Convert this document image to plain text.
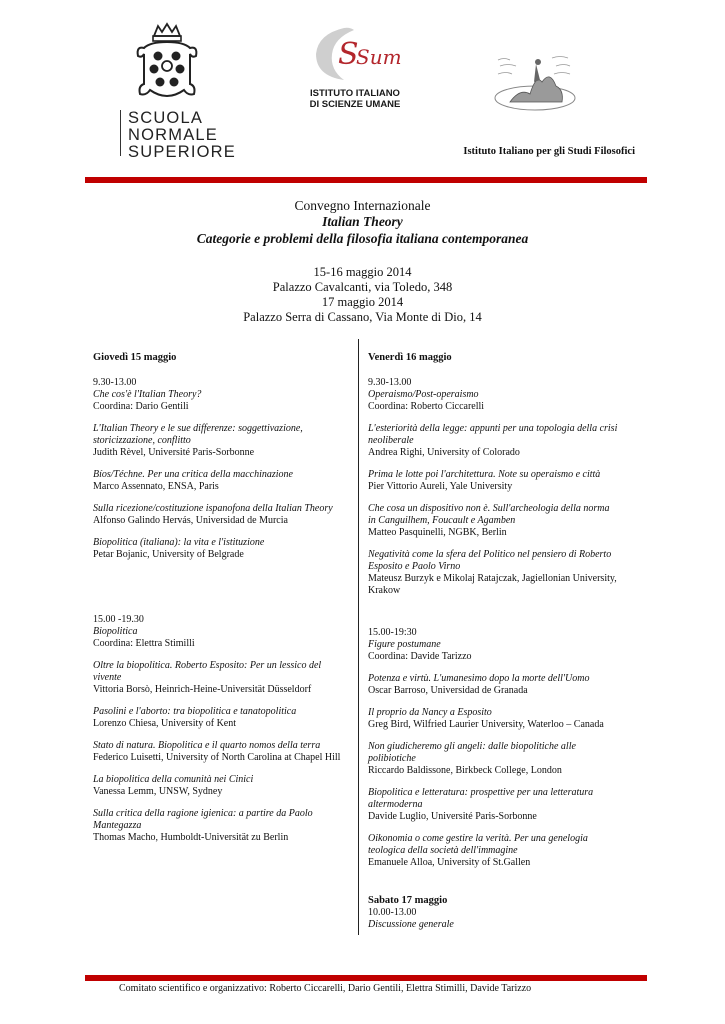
SCUOLA
NORMALE
SUPERIORE
S
Sum
ISTITUTO ITALIANO
DI SCIENZE UMANE
Istituto Italiano per gli Studi Filosofici
Convegno Internazionale
Italian Theory
Categorie e problemi della filosofia italiana contemporanea
15-16 maggio 2014
Palazzo Cavalcanti, via Toledo, 348
17 maggio 2014
Palazzo Serra di Cassano, Via Monte di Dio, 14
Giovedì 15 maggio
9.30-13.00
Che cos'è l'Italian Theory?
Coordina: Dario Gentili
L'Italian Theory e le sue differenze: soggettivazione, storicizzazione, conflitto
Judith Rèvel, Université Paris-Sorbonne
Bíos/Téchne. Per una critica della macchinazione
Marco Assennato, ENSA, Paris
Sulla ricezione/costituzione ispanofona della Italian Theory
Alfonso Galindo Hervás, Universidad de Murcia
Biopolitica (italiana): la vita e l'istituzione
Petar Bojanic, University of Belgrade
15.00 -19.30
Biopolitica
Coordina: Elettra Stimilli
Oltre la biopolitica. Roberto Esposito: Per un lessico del vivente
Vittoria Borsò, Heinrich-Heine-Universität Düsseldorf
Pasolini e l'aborto: tra biopolitica e tanatopolitica
Lorenzo Chiesa, University of Kent
Stato di natura. Biopolitica e il quarto nomos della terra
Federico Luisetti, University of North Carolina at Chapel Hill
La biopolitica della comunità nei Cinici
Vanessa Lemm, UNSW, Sydney
Sulla critica della ragione igienica: a partire da Paolo Mantegazza
Thomas Macho, Humboldt-Universität zu Berlin
Venerdì 16 maggio
9.30-13.00
Operaismo/Post-operaismo
Coordina: Roberto Ciccarelli
L'esteriorità della legge: appunti per una topologia della crisi neoliberale
Andrea Righi, University of Colorado
Prima le lotte poi l'architettura. Note su operaismo e città
Pier Vittorio Aureli, Yale University
Che cosa un dispositivo non è. Sull'archeologia della norma in Canguilhem, Foucault e Agamben
Matteo Pasquinelli, NGBK, Berlin
Negatività come la sfera del Politico nel pensiero di Roberto Esposito e Paolo Virno
Mateusz Burzyk e Mikolaj Ratajczak, Jagiellonian University, Krakow
15.00-19:30
Figure postumane
Coordina: Davide Tarizzo
Potenza e virtù. L'umanesimo dopo la morte dell'Uomo
Oscar Barroso, Universidad de Granada
Il proprio da Nancy a Esposito
Greg Bird, Wilfried Laurier University, Waterloo – Canada
Non giudicheremo gli angeli: dalle biopolitiche alle polibiotiche
Riccardo Baldissone, Birkbeck College, London
Biopolitica e letteratura: prospettive per una letteratura altermoderna
Davide Luglio, Université Paris-Sorbonne
Oikonomia o come gestire la verità. Per una genelogia teologica della società dell'immagine
Emanuele Alloa, University of St.Gallen
Sabato 17 maggio
10.00-13.00
Discussione generale
Comitato scientifico e organizzativo: Roberto Ciccarelli, Dario Gentili, Elettra Stimilli, Davide Tarizzo
